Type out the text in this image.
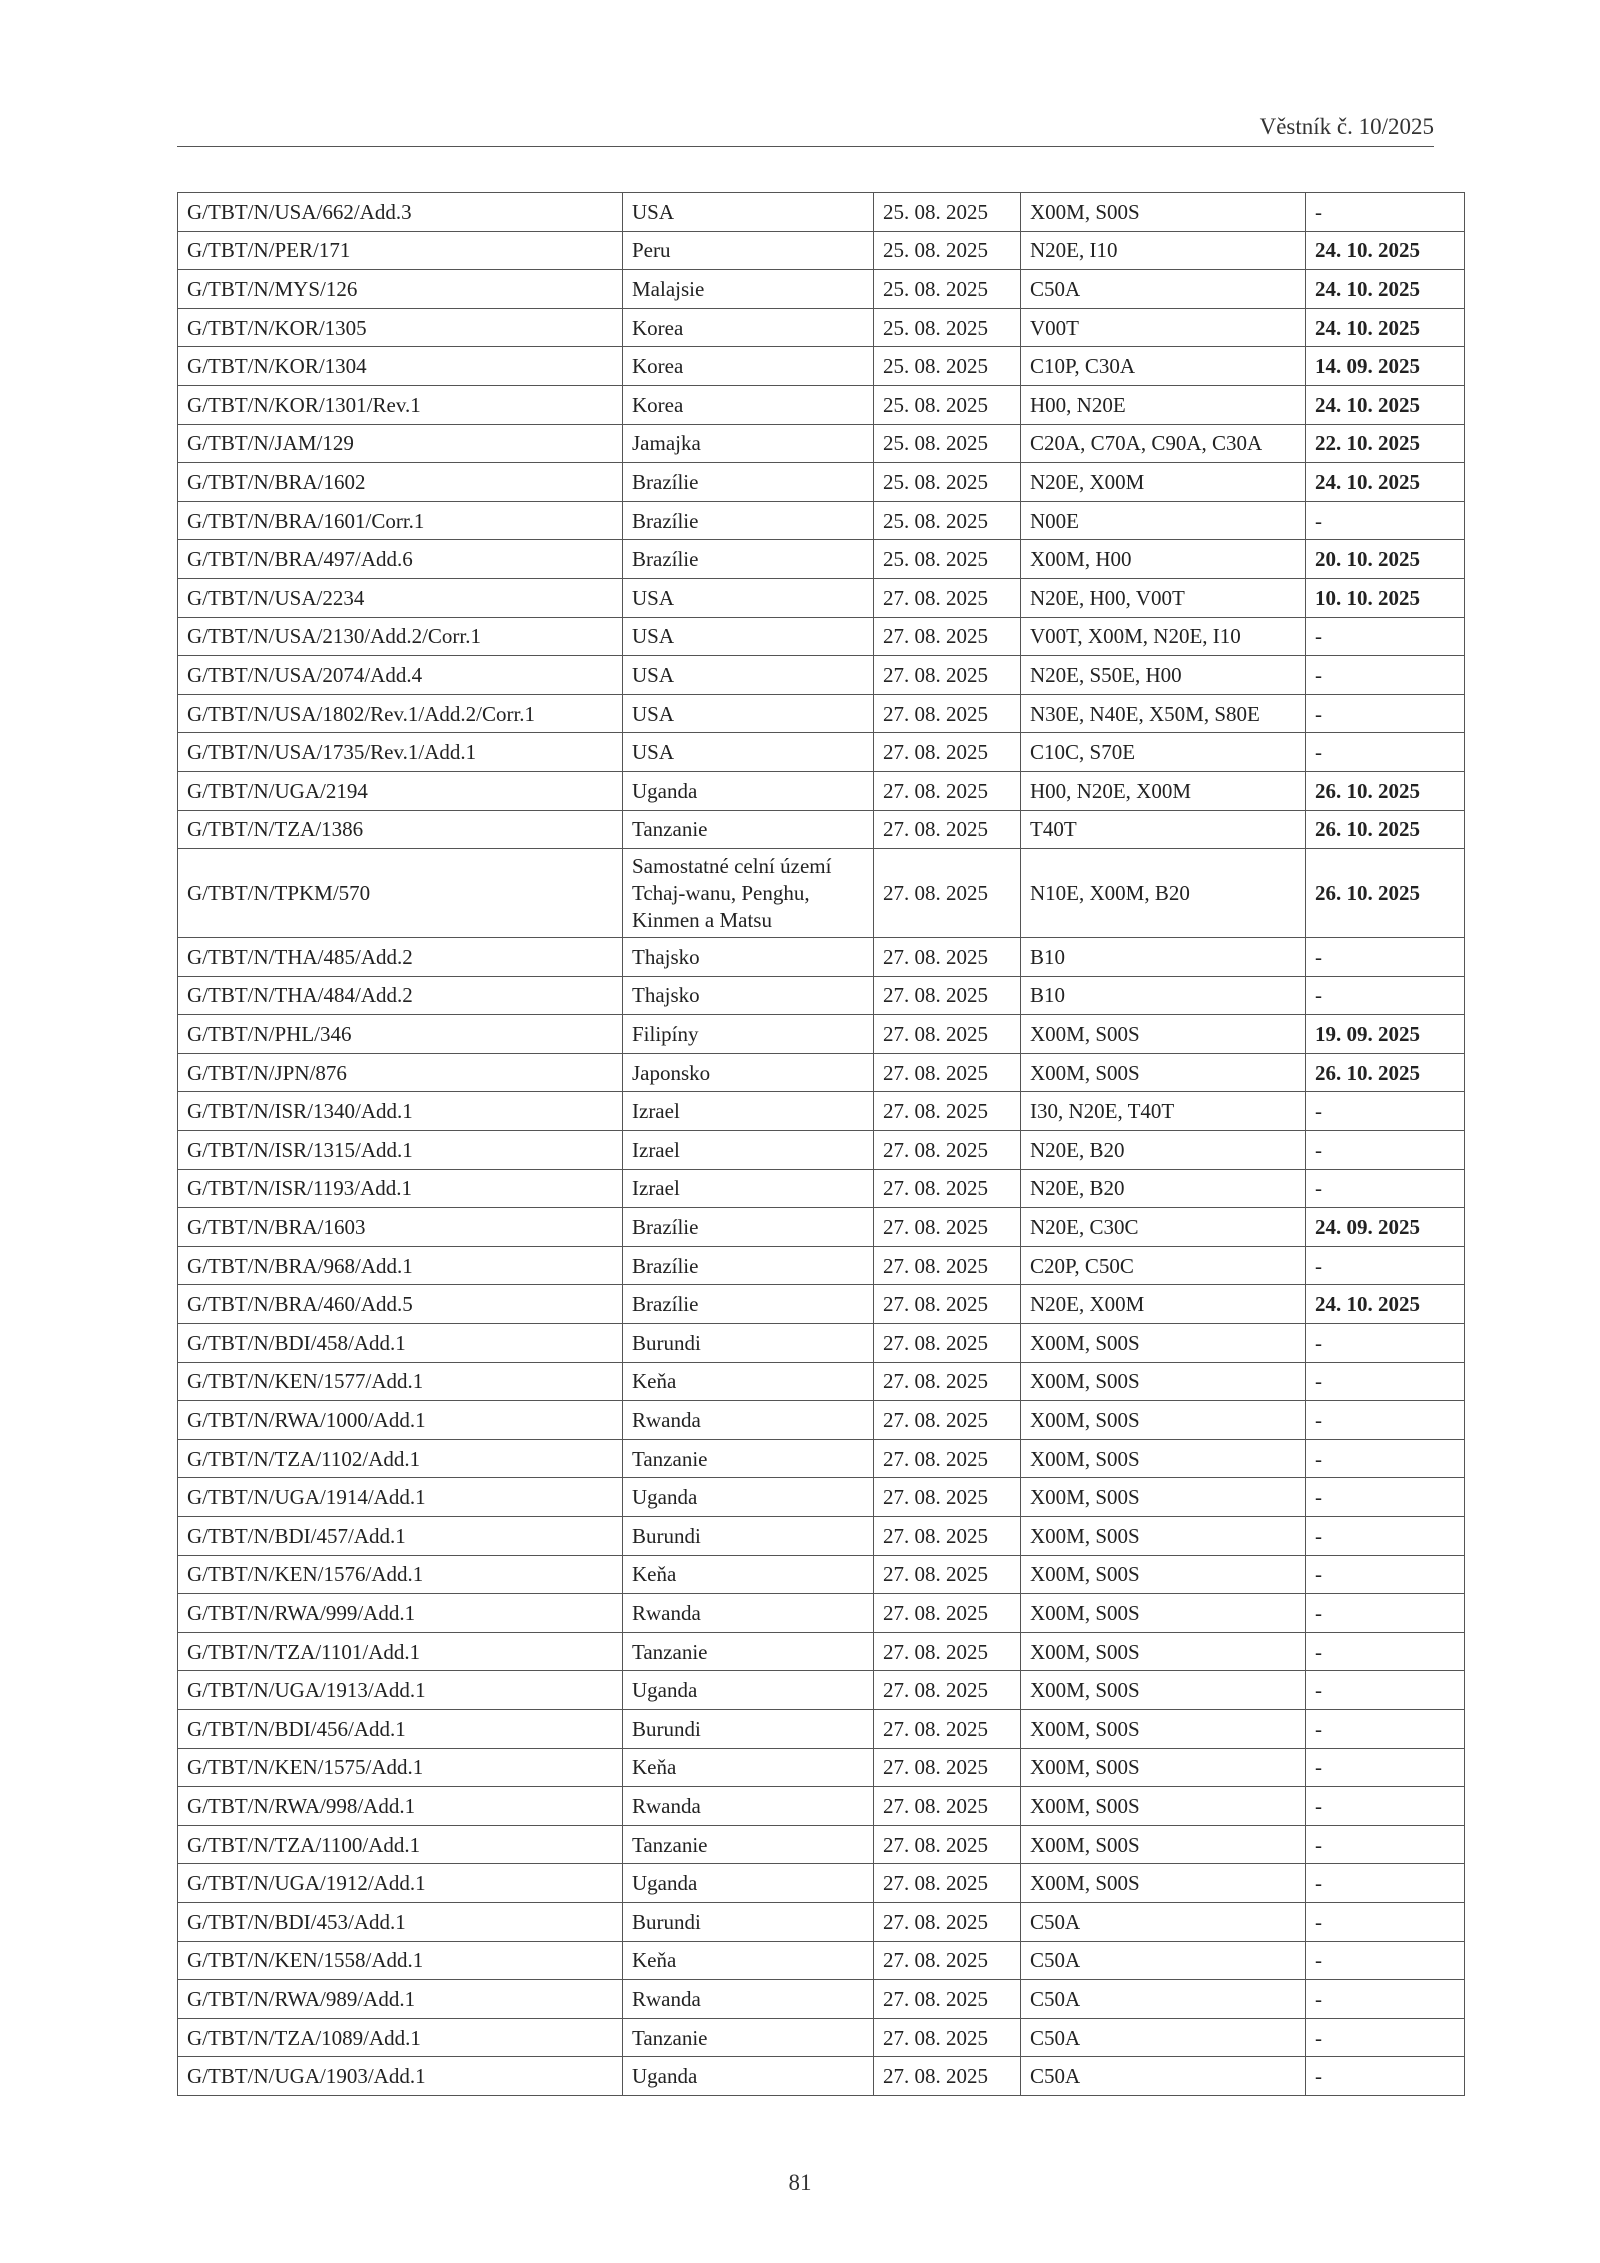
Věstník č. 10/2025
G/TBT/N/USA/662/Add.3	USA	25. 08. 2025	X00M, S00S	-
G/TBT/N/PER/171	Peru	25. 08. 2025	N20E, I10	24. 10. 2025
G/TBT/N/MYS/126	Malajsie	25. 08. 2025	C50A	24. 10. 2025
G/TBT/N/KOR/1305	Korea	25. 08. 2025	V00T	24. 10. 2025
G/TBT/N/KOR/1304	Korea	25. 08. 2025	C10P, C30A	14. 09. 2025
G/TBT/N/KOR/1301/Rev.1	Korea	25. 08. 2025	H00, N20E	24. 10. 2025
G/TBT/N/JAM/129	Jamajka	25. 08. 2025	C20A, C70A, C90A, C30A	22. 10. 2025
G/TBT/N/BRA/1602	Brazílie	25. 08. 2025	N20E, X00M	24. 10. 2025
G/TBT/N/BRA/1601/Corr.1	Brazílie	25. 08. 2025	N00E	-
G/TBT/N/BRA/497/Add.6	Brazílie	25. 08. 2025	X00M, H00	20. 10. 2025
G/TBT/N/USA/2234	USA	27. 08. 2025	N20E, H00, V00T	10. 10. 2025
G/TBT/N/USA/2130/Add.2/Corr.1	USA	27. 08. 2025	V00T, X00M, N20E, I10	-
G/TBT/N/USA/2074/Add.4	USA	27. 08. 2025	N20E, S50E, H00	-
G/TBT/N/USA/1802/Rev.1/Add.2/Corr.1	USA	27. 08. 2025	N30E, N40E, X50M, S80E	-
G/TBT/N/USA/1735/Rev.1/Add.1	USA	27. 08. 2025	C10C, S70E	-
G/TBT/N/UGA/2194	Uganda	27. 08. 2025	H00, N20E, X00M	26. 10. 2025
G/TBT/N/TZA/1386	Tanzanie	27. 08. 2025	T40T	26. 10. 2025
G/TBT/N/TPKM/570	Samostatné celní území Tchaj-wanu, Penghu, Kinmen a Matsu	27. 08. 2025	N10E, X00M, B20	26. 10. 2025
G/TBT/N/THA/485/Add.2	Thajsko	27. 08. 2025	B10	-
G/TBT/N/THA/484/Add.2	Thajsko	27. 08. 2025	B10	-
G/TBT/N/PHL/346	Filipíny	27. 08. 2025	X00M, S00S	19. 09. 2025
G/TBT/N/JPN/876	Japonsko	27. 08. 2025	X00M, S00S	26. 10. 2025
G/TBT/N/ISR/1340/Add.1	Izrael	27. 08. 2025	I30, N20E, T40T	-
G/TBT/N/ISR/1315/Add.1	Izrael	27. 08. 2025	N20E, B20	-
G/TBT/N/ISR/1193/Add.1	Izrael	27. 08. 2025	N20E, B20	-
G/TBT/N/BRA/1603	Brazílie	27. 08. 2025	N20E, C30C	24. 09. 2025
G/TBT/N/BRA/968/Add.1	Brazílie	27. 08. 2025	C20P, C50C	-
G/TBT/N/BRA/460/Add.5	Brazílie	27. 08. 2025	N20E, X00M	24. 10. 2025
G/TBT/N/BDI/458/Add.1	Burundi	27. 08. 2025	X00M, S00S	-
G/TBT/N/KEN/1577/Add.1	Keňa	27. 08. 2025	X00M, S00S	-
G/TBT/N/RWA/1000/Add.1	Rwanda	27. 08. 2025	X00M, S00S	-
G/TBT/N/TZA/1102/Add.1	Tanzanie	27. 08. 2025	X00M, S00S	-
G/TBT/N/UGA/1914/Add.1	Uganda	27. 08. 2025	X00M, S00S	-
G/TBT/N/BDI/457/Add.1	Burundi	27. 08. 2025	X00M, S00S	-
G/TBT/N/KEN/1576/Add.1	Keňa	27. 08. 2025	X00M, S00S	-
G/TBT/N/RWA/999/Add.1	Rwanda	27. 08. 2025	X00M, S00S	-
G/TBT/N/TZA/1101/Add.1	Tanzanie	27. 08. 2025	X00M, S00S	-
G/TBT/N/UGA/1913/Add.1	Uganda	27. 08. 2025	X00M, S00S	-
G/TBT/N/BDI/456/Add.1	Burundi	27. 08. 2025	X00M, S00S	-
G/TBT/N/KEN/1575/Add.1	Keňa	27. 08. 2025	X00M, S00S	-
G/TBT/N/RWA/998/Add.1	Rwanda	27. 08. 2025	X00M, S00S	-
G/TBT/N/TZA/1100/Add.1	Tanzanie	27. 08. 2025	X00M, S00S	-
G/TBT/N/UGA/1912/Add.1	Uganda	27. 08. 2025	X00M, S00S	-
G/TBT/N/BDI/453/Add.1	Burundi	27. 08. 2025	C50A	-
G/TBT/N/KEN/1558/Add.1	Keňa	27. 08. 2025	C50A	-
G/TBT/N/RWA/989/Add.1	Rwanda	27. 08. 2025	C50A	-
G/TBT/N/TZA/1089/Add.1	Tanzanie	27. 08. 2025	C50A	-
G/TBT/N/UGA/1903/Add.1	Uganda	27. 08. 2025	C50A	-
81
